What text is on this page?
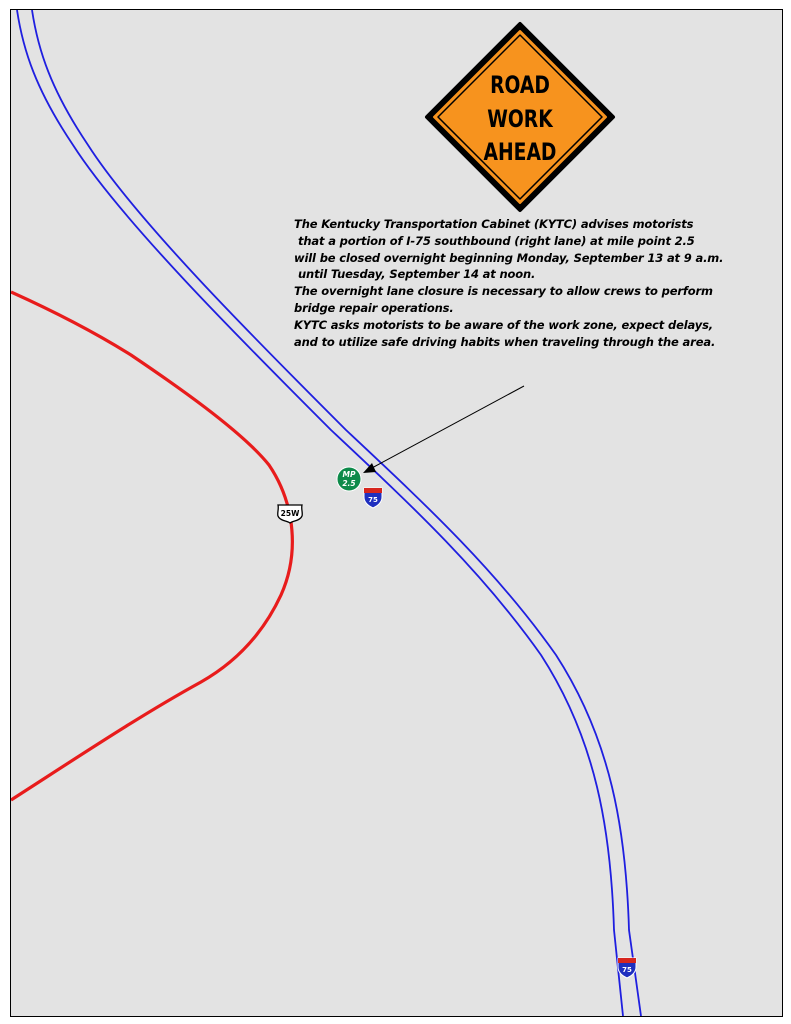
MP
2.5
75
75
25W
ROAD
WORK
AHEAD
The Kentucky Transportation Cabinet (KYTC) advises motorists
that a portion of I-75 southbound (right lane) at mile point 2.5
will be closed overnight beginning Monday, September 13 at 9 a.m.
until Tuesday, September 14 at noon.
The overnight lane closure is necessary to allow crews to perform
bridge repair operations.
KYTC asks motorists to be aware of the work zone, expect delays,
and to utilize safe driving habits when traveling through the area.
